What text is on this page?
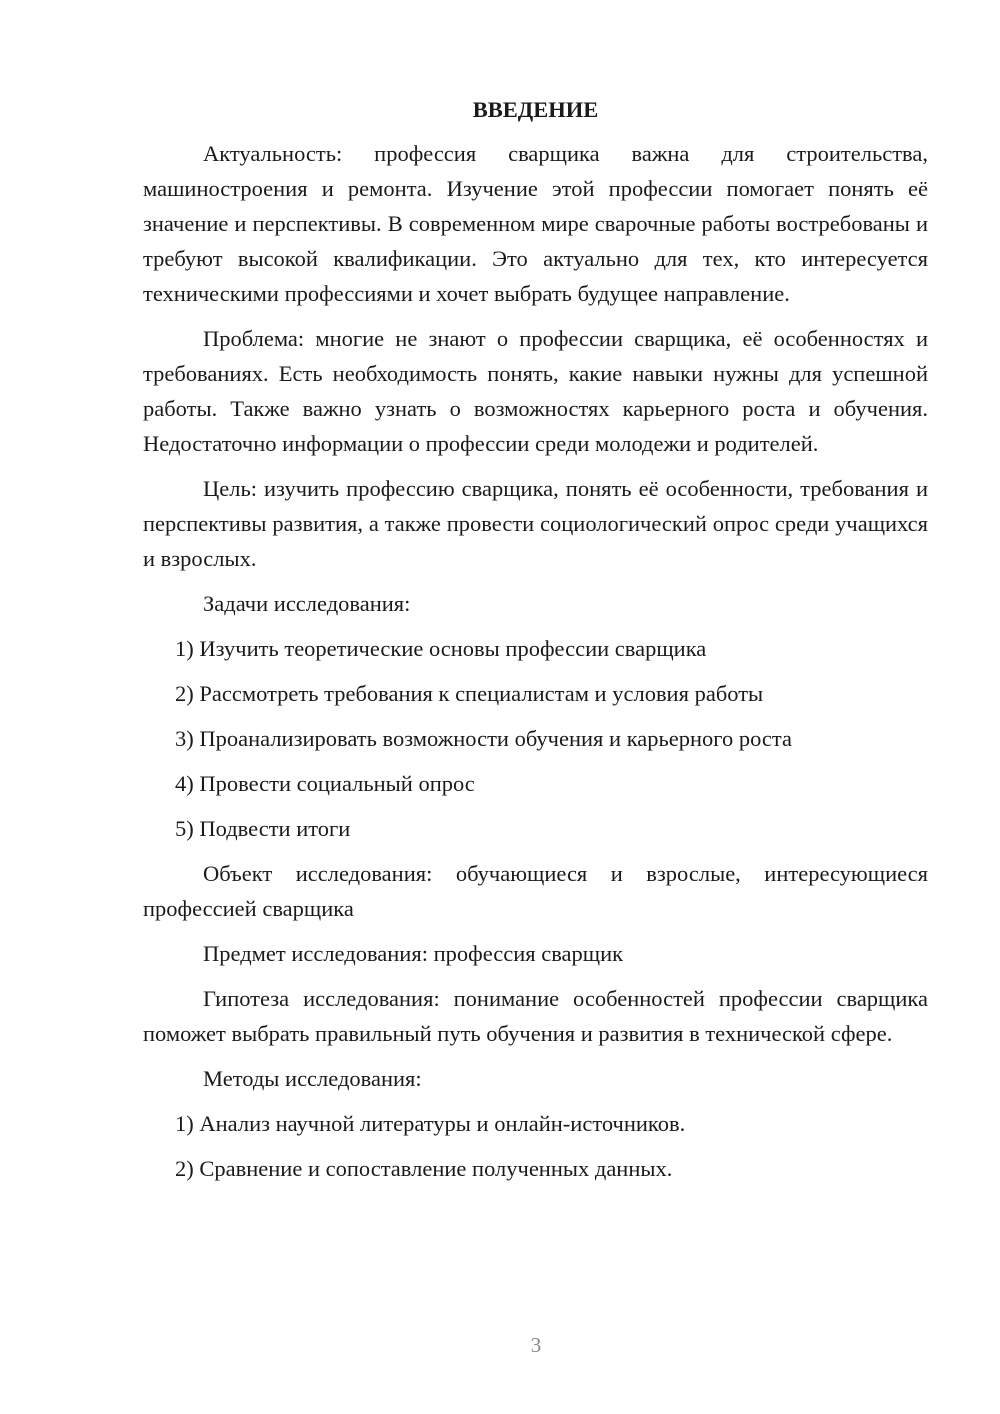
ВВЕДЕНИЕ

Актуальность: профессия сварщика важна для строительства, машиностроения и ремонта. Изучение этой профессии помогает понять её значение и перспективы. В современном мире сварочные работы востребованы и требуют высокой квалификации. Это актуально для тех, кто интересуется техническими профессиями и хочет выбрать будущее направление.

Проблема: многие не знают о профессии сварщика, её особенностях и требованиях. Есть необходимость понять, какие навыки нужны для успешной работы. Также важно узнать о возможностях карьерного роста и обучения. Недостаточно информации о профессии среди молодежи и родителей.

Цель: изучить профессию сварщика, понять её особенности, требования и перспективы развития, а также провести социологический опрос среди учащихся и взрослых.

Задачи исследования:

1) Изучить теоретические основы профессии сварщика
2) Рассмотреть требования к специалистам и условия работы
3) Проанализировать возможности обучения и карьерного роста
4) Провести социальный опрос
5) Подвести итоги

Объект исследования: обучающиеся и взрослые, интересующиеся профессией сварщика

Предмет исследования: профессия сварщик

Гипотеза исследования: понимание особенностей профессии сварщика поможет выбрать правильный путь обучения и развития в технической сфере.

Методы исследования:

1) Анализ научной литературы и онлайн-источников.
2) Сравнение и сопоставление полученных данных.
3
